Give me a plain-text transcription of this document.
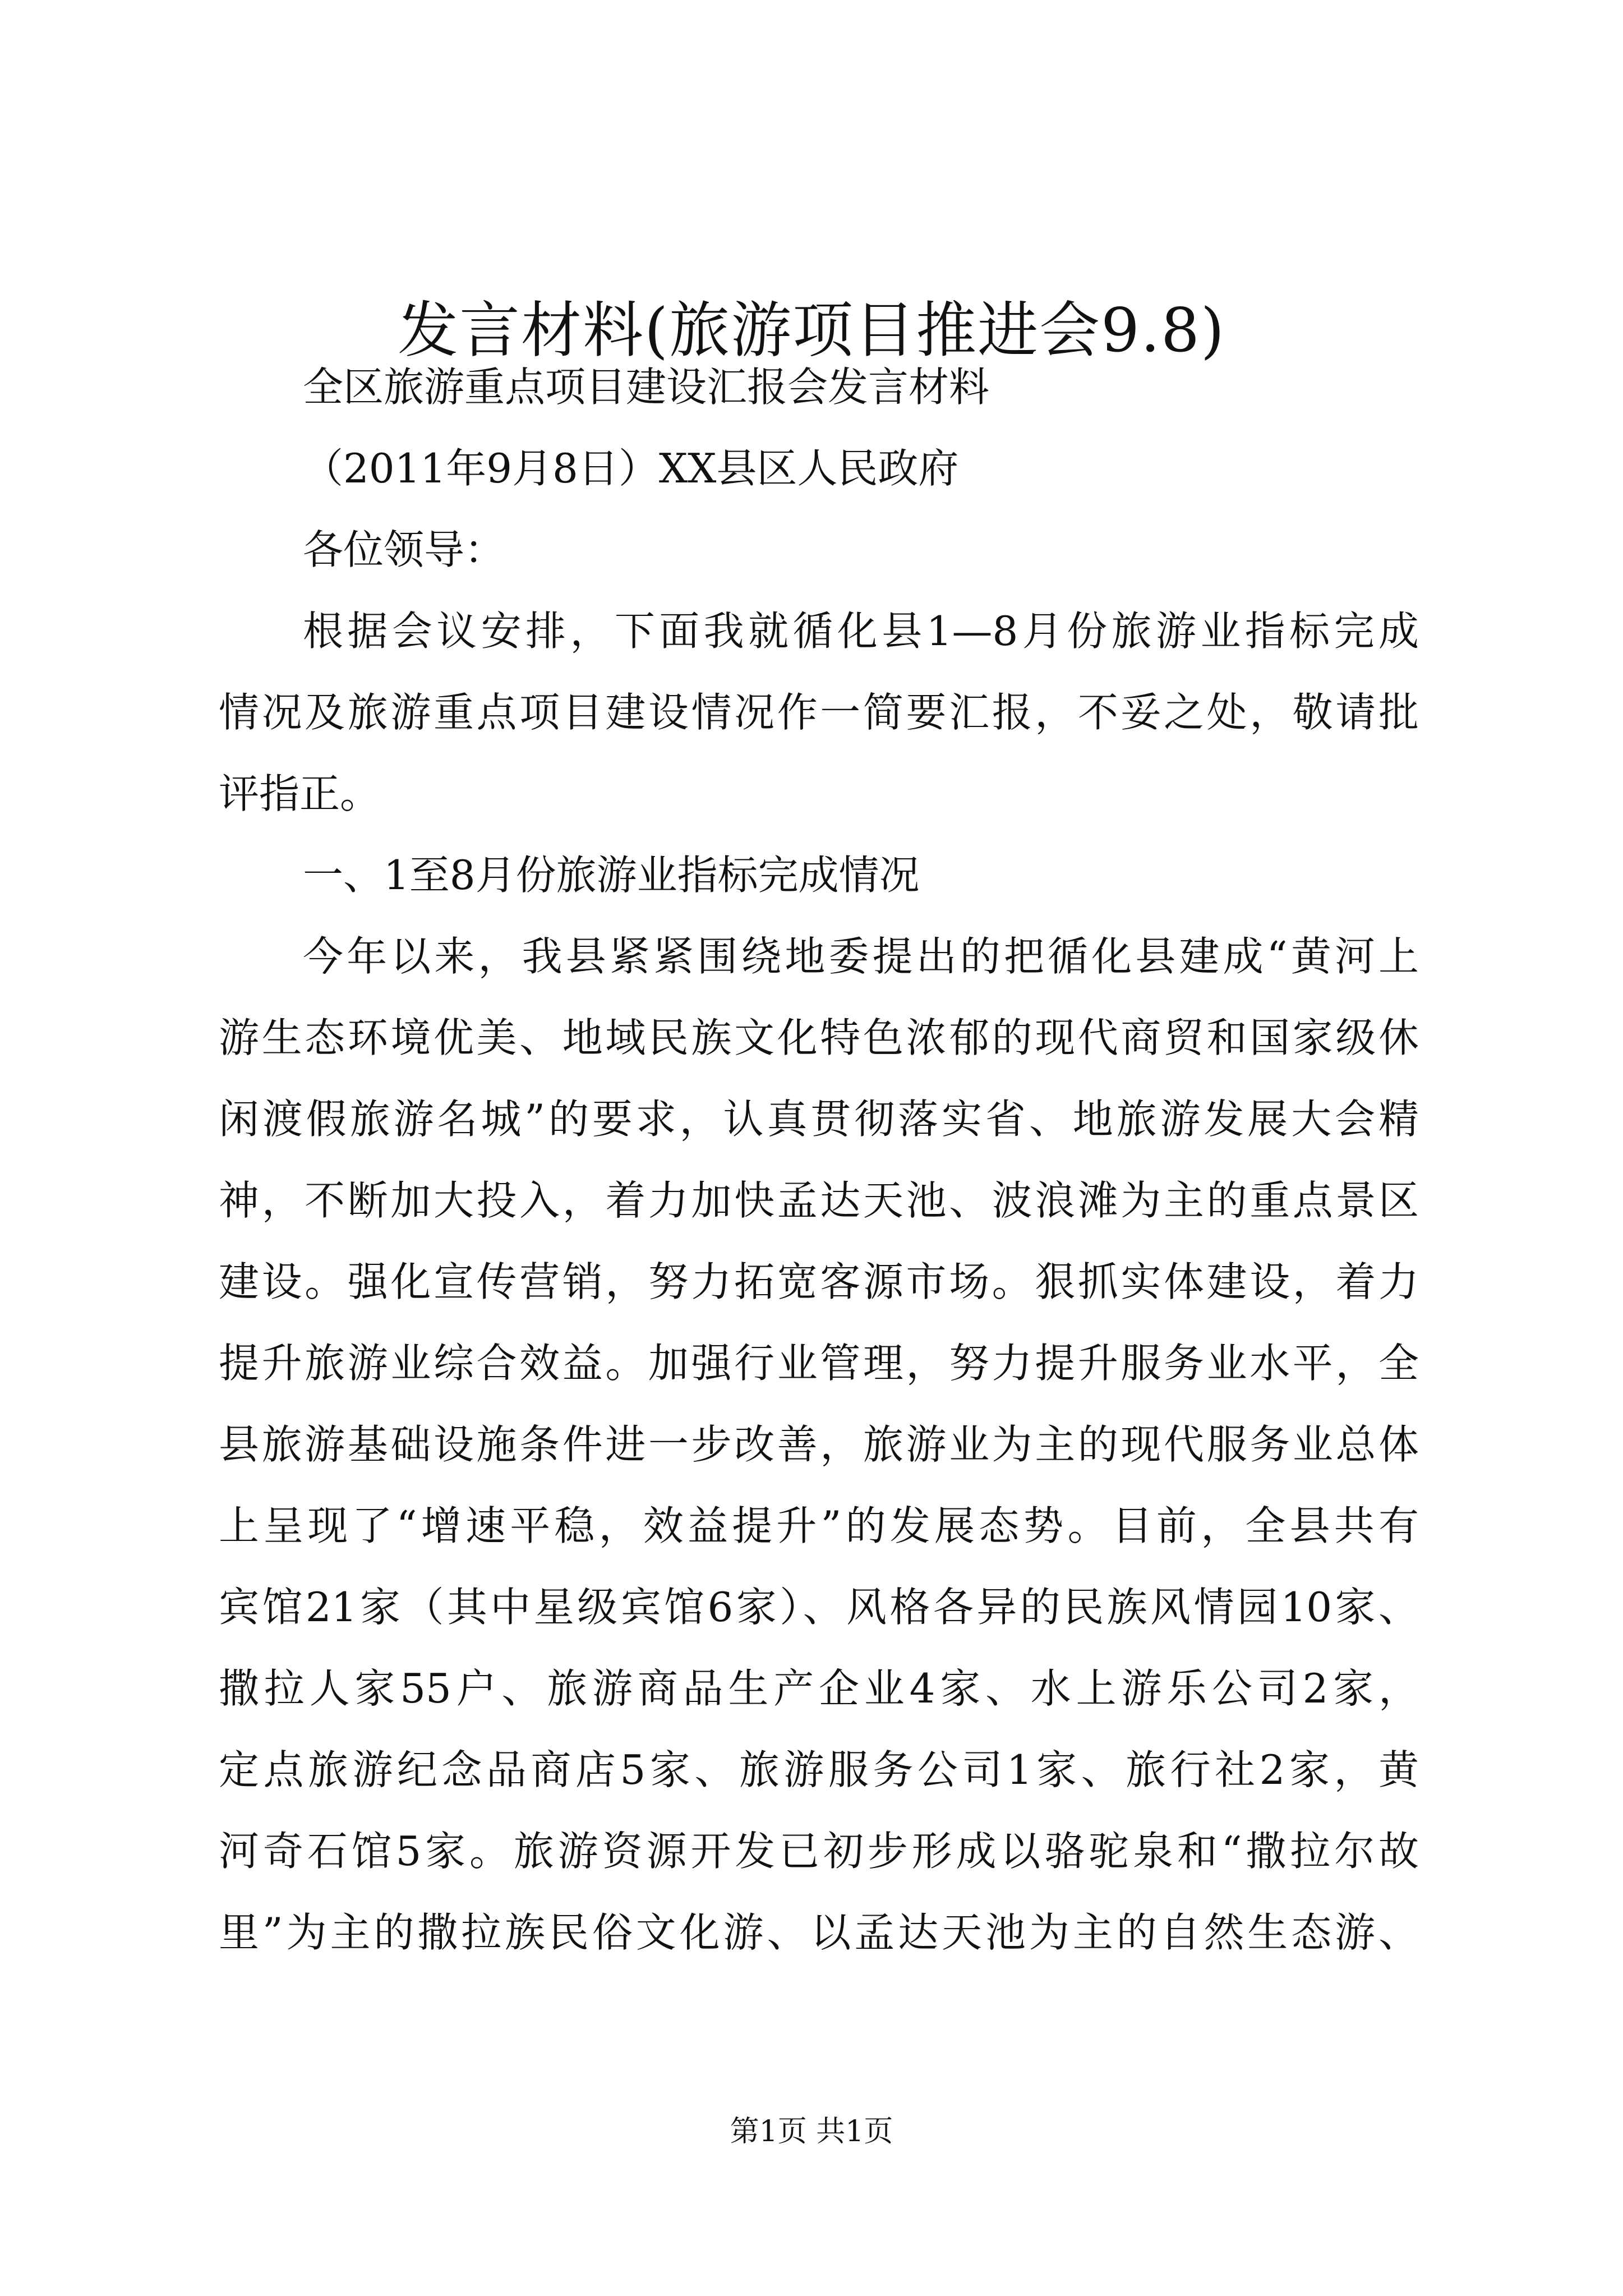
发言材料(旅游项目推进会9.8)
全区旅游重点项目建设汇报会发言材料
（2011年9月8日）XX县区人民政府
各位领导：
根据会议安排，下面我就循化县1—8月份旅游业指标完成
情况及旅游重点项目建设情况作一简要汇报，不妥之处，敬请批
评指正。
一、1至8月份旅游业指标完成情况
今年以来，我县紧紧围绕地委提出的把循化县建成“黄河上
游生态环境优美、地域民族文化特色浓郁的现代商贸和国家级休
闲渡假旅游名城”的要求，认真贯彻落实省、地旅游发展大会精
神，不断加大投入，着力加快孟达天池、波浪滩为主的重点景区
建设。强化宣传营销，努力拓宽客源市场。狠抓实体建设，着力
提升旅游业综合效益。加强行业管理，努力提升服务业水平，全
县旅游基础设施条件进一步改善，旅游业为主的现代服务业总体
上呈现了“增速平稳，效益提升”的发展态势。目前，全县共有
宾馆21家（其中星级宾馆6家）、风格各异的民族风情园10家、
撒拉人家55户、旅游商品生产企业4家、水上游乐公司2家，
定点旅游纪念品商店5家、旅游服务公司1家、旅行社2家，黄
河奇石馆5家。旅游资源开发已初步形成以骆驼泉和“撒拉尔故
里”为主的撒拉族民俗文化游、以孟达天池为主的自然生态游、
第1页 共1页
